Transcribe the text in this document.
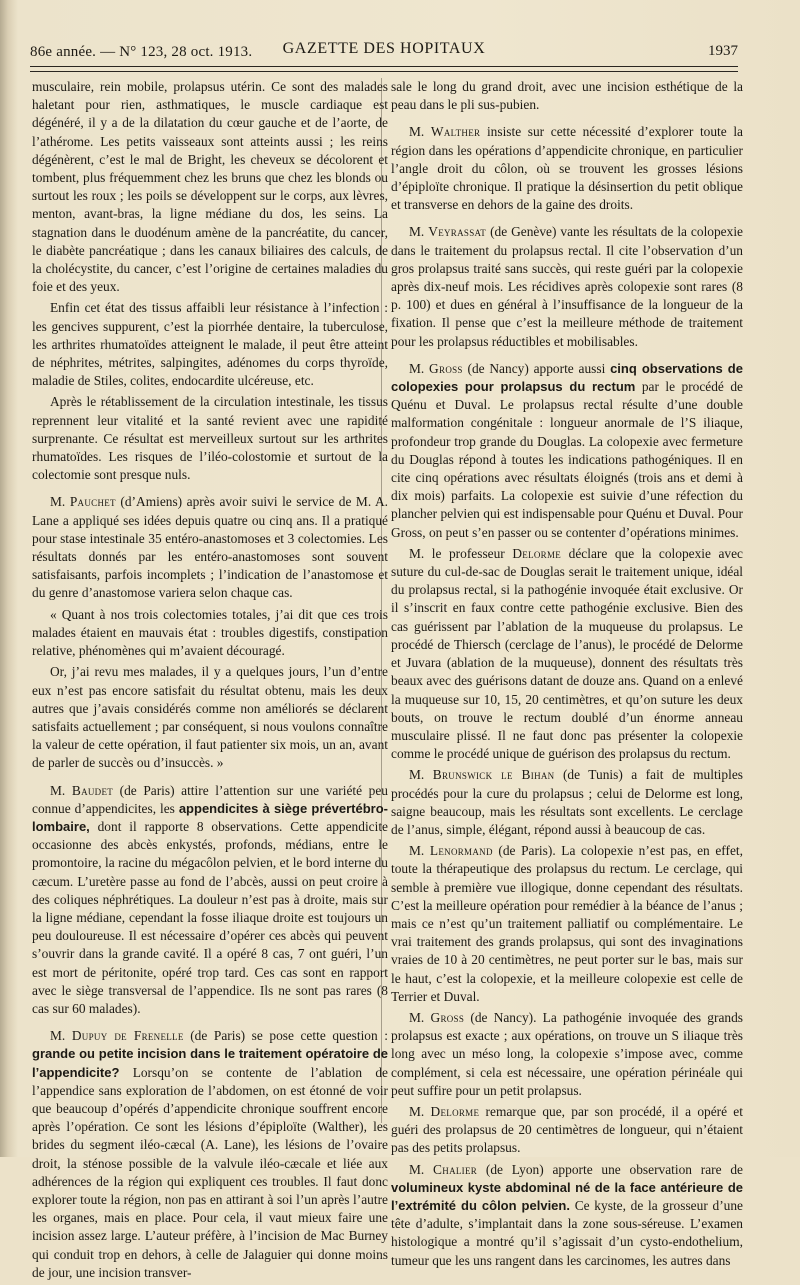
86e année. — N° 123, 28 oct. 1913. GAZETTE DES HOPITAUX	1937

musculaire, rein mobile, prolapsus utérin. Ce sont des malades haletant pour rien, asthmatiques, le muscle cardiaque est dégénéré, il y a de la dilatation du cœur gauche et de l’aorte, de l’athérome. Les petits vaisseaux sont atteints aussi ; les reins dégénèrent, c’est le mal de Bright, les cheveux se décolorent et tombent, plus fréquemment chez les bruns que chez les blonds ou surtout les roux ; les poils se développent sur le corps, aux lèvres, menton, avant-bras, la ligne médiane du dos, les seins. La stagnation dans le duodénum amène de la pancréatite, du cancer, le diabète pancréatique ; dans les canaux biliaires des calculs, de la cholécystite, du cancer, c’est l’origine de certaines maladies du foie et des yeux.

Enfin cet état des tissus affaibli leur résistance à l’infection : les gencives suppurent, c’est la piorrhée dentaire, la tuberculose, les arthrites rhumatoïdes atteignent le malade, il peut être atteint de néphrites, métrites, salpingites, adénomes du corps thyroïde, maladie de Stiles, colites, endocardite ulcéreuse, etc.

Après le rétablissement de la circulation intestinale, les tissus reprennent leur vitalité et la santé revient avec une rapidité surprenante. Ce résultat est merveilleux surtout sur les arthrites rhumatoïdes. Les risques de l’iléo-colostomie et surtout de la colectomie sont presque nuls.

M. Pauchet (d’Amiens) après avoir suivi le service de M. A. Lane a appliqué ses idées depuis quatre ou cinq ans. Il a pratiqué pour stase intestinale 35 entéro-anastomoses et 3 colectomies. Les résultats donnés par les entéro-anastomoses sont souvent satisfaisants, parfois incomplets ; l’indication de l’anastomose et du genre d’anastomose variera selon chaque cas.

« Quant à nos trois colectomies totales, j’ai dit que ces trois malades étaient en mauvais état : troubles digestifs, constipation relative, phénomènes qui m’avaient découragé.

Or, j’ai revu mes malades, il y a quelques jours, l’un d’entre eux n’est pas encore satisfait du résultat obtenu, mais les deux autres que j’avais considérés comme non améliorés se déclarent satisfaits actuellement ; par conséquent, si nous voulons connaître la valeur de cette opération, il faut patienter six mois, un an, avant de parler de succès ou d’insuccès. »

M. Baudet (de Paris) attire l’attention sur une variété peu connue d’appendicites, les appendicites à siège prévertébro-lombaire, dont il rapporte 8 observations. Cette appendicite occasionne des abcès enkystés, profonds, médians, entre le promontoire, la racine du mégacôlon pelvien, et le bord interne du cæcum. L’uretère passe au fond de l’abcès, aussi on peut croire à des coliques néphrétiques. La douleur n’est pas à droite, mais sur la ligne médiane, cependant la fosse iliaque droite est toujours un peu douloureuse. Il est nécessaire d’opérer ces abcès qui peuvent s’ouvrir dans la grande cavité. Il a opéré 8 cas, 7 ont guéri, l’un est mort de péritonite, opéré trop tard. Ces cas sont en rapport avec le siège transversal de l’appendice. Ils ne sont pas rares (8 cas sur 60 malades).

M. Dupuy de Frenelle (de Paris) se pose cette question : grande ou petite incision dans le traitement opératoire de l’appendicite? Lorsqu’on se contente de l’ablation de l’appendice sans exploration de l’abdomen, on est étonné de voir que beaucoup d’opérés d’appendicite chronique souffrent encore après l’opération. Ce sont les lésions d’épiploïte (Walther), les brides du segment iléo-cæcal (A. Lane), les lésions de l’ovaire droit, la sténose possible de la valvule iléo-cæcale et liée aux adhérences de la région qui expliquent ces troubles. Il faut donc explorer toute la région, non pas en attirant à soi l’un après l’autre les organes, mais en place. Pour cela, il vaut mieux faire une incision assez large. L’auteur préfère, à l’incision de Mac Burney qui conduit trop en dehors, à celle de Jalaguier qui donne moins de jour, une incision transver-

sale le long du grand droit, avec une incision esthétique de la peau dans le pli sus-pubien.

M. Walther insiste sur cette nécessité d’explorer toute la région dans les opérations d’appendicite chronique, en particulier l’angle droit du côlon, où se trouvent les grosses lésions d’épiploïte chronique. Il pratique la désinsertion du petit oblique et transverse en dehors de la gaine des droits.

M. Veyrassat (de Genève) vante les résultats de la colopexie dans le traitement du prolapsus rectal. Il cite l’observation d’un gros prolapsus traité sans succès, qui reste guéri par la colopexie après dix-neuf mois. Les récidives après colopexie sont rares (8 p. 100) et dues en général à l’insuffisance de la longueur de la fixation. Il pense que c’est la meilleure méthode de traitement pour les prolapsus réductibles et mobilisables.

M. Gross (de Nancy) apporte aussi cinq observations de colopexies pour prolapsus du rectum par le procédé de Quénu et Duval. Le prolapsus rectal résulte d’une double malformation congénitale : longueur anormale de l’S iliaque, profondeur trop grande du Douglas. La colopexie avec fermeture du Douglas répond à toutes les indications pathogéniques. Il en cite cinq opérations avec résultats éloignés (trois ans et demi à dix mois) parfaits. La colopexie est suivie d’une réfection du plancher pelvien qui est indispensable pour Quénu et Duval. Pour Gross, on peut s’en passer ou se contenter d’opérations minimes.

M. le professeur Delorme déclare que la colopexie avec suture du cul-de-sac de Douglas serait le traitement unique, idéal du prolapsus rectal, si la pathogénie invoquée était exclusive. Or il s’inscrit en faux contre cette pathogénie exclusive. Bien des cas guérissent par l’ablation de la muqueuse du prolapsus. Le procédé de Thiersch (cerclage de l’anus), le procédé de Delorme et Juvara (ablation de la muqueuse), donnent des résultats très beaux avec des guérisons datant de douze ans. Quand on a enlevé la muqueuse sur 10, 15, 20 centimètres, et qu’on suture les deux bouts, on trouve le rectum doublé d’un énorme anneau musculaire plissé. Il ne faut donc pas présenter la colopexie comme le procédé unique de guérison des prolapsus du rectum.

M. Brunswick le Bihan (de Tunis) a fait de multiples procédés pour la cure du prolapsus ; celui de Delorme est long, saigne beaucoup, mais les résultats sont excellents. Le cerclage de l’anus, simple, élégant, répond aussi à beaucoup de cas.

M. Lenormand (de Paris). La colopexie n’est pas, en effet, toute la thérapeutique des prolapsus du rectum. Le cerclage, qui semble à première vue illogique, donne cependant des résultats. C’est la meilleure opération pour remédier à la béance de l’anus ; mais ce n’est qu’un traitement palliatif ou complémentaire. Le vrai traitement des grands prolapsus, qui sont des invaginations vraies de 10 à 20 centimètres, ne peut porter sur le bas, mais sur le haut, c’est la colopexie, et la meilleure colopexie est celle de Terrier et Duval.

M. Gross (de Nancy). La pathogénie invoquée des grands prolapsus est exacte ; aux opérations, on trouve un S iliaque très long avec un méso long, la colopexie s’impose avec, comme complément, si cela est nécessaire, une opération périnéale qui peut suffire pour un petit prolapsus.

M. Delorme remarque que, par son procédé, il a opéré et guéri des prolapsus de 20 centimètres de longueur, qui n’étaient pas des petits prolapsus.

M. Chalier (de Lyon) apporte une observation rare de volumineux kyste abdominal né de la face antérieure de l’extrémité du côlon pelvien. Ce kyste, de la grosseur d’une tête d’adulte, s’implantait dans la zone sous-séreuse. L’examen histologique a montré qu’il s’agissait d’un cysto-endothelium, tumeur que les uns rangent dans les carcinomes, les autres dans
